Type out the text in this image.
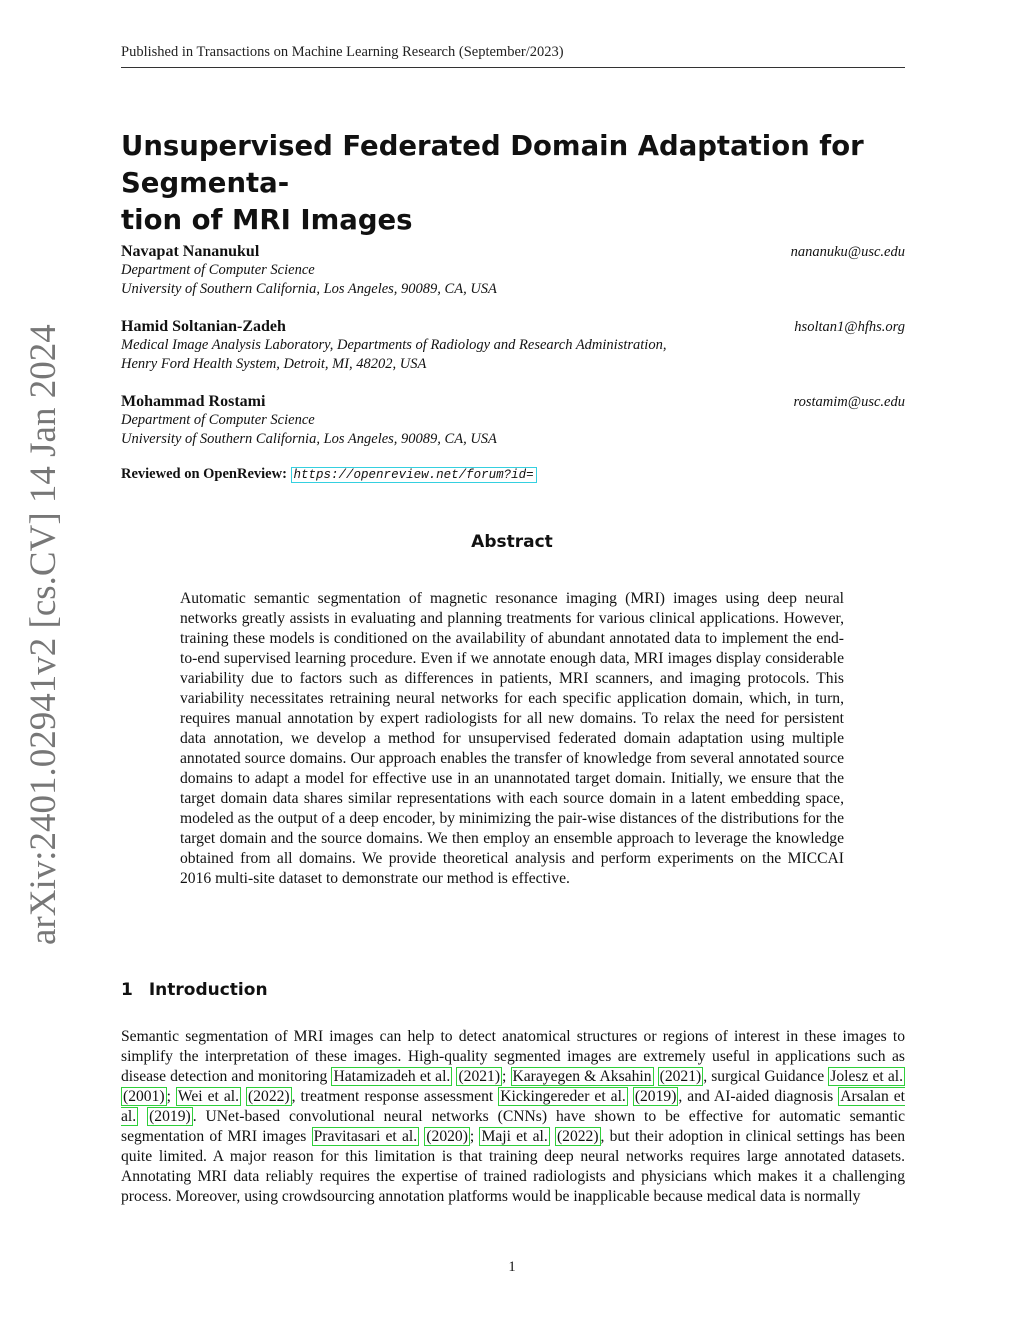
Published in Transactions on Machine Learning Research (September/2023)
arXiv:2401.02941v2 [cs.CV] 14 Jan 2024
Unsupervised Federated Domain Adaptation for Segmenta-
tion of MRI Images
Navapat Nananukul	nananuku@usc.edu
Department of Computer Science
University of Southern California, Los Angeles, 90089, CA, USA
Hamid Soltanian-Zadeh	hsoltan1@hfhs.org
Medical Image Analysis Laboratory, Departments of Radiology and Research Administration,
Henry Ford Health System, Detroit, MI, 48202, USA
Mohammad Rostami	rostamim@usc.edu
Department of Computer Science
University of Southern California, Los Angeles, 90089, CA, USA
Reviewed on OpenReview: https://openreview.net/forum?id=
Abstract
Automatic semantic segmentation of magnetic resonance imaging (MRI) images using deep neural networks greatly assists in evaluating and planning treatments for various clinical applications. However, training these models is conditioned on the availability of abundant annotated data to implement the end-to-end supervised learning procedure. Even if we annotate enough data, MRI images display considerable variability due to factors such as differences in patients, MRI scanners, and imaging protocols. This variability necessitates retraining neural networks for each specific application domain, which, in turn, requires manual annotation by expert radiologists for all new domains. To relax the need for persistent data annotation, we develop a method for unsupervised federated domain adaptation using multiple annotated source domains. Our approach enables the transfer of knowledge from several annotated source domains to adapt a model for effective use in an unannotated target domain. Initially, we ensure that the target domain data shares similar representations with each source domain in a latent embedding space, modeled as the output of a deep encoder, by minimizing the pair-wise distances of the distributions for the target domain and the source domains. We then employ an ensemble approach to leverage the knowledge obtained from all domains. We provide theoretical analysis and perform experiments on the MICCAI 2016 multi-site dataset to demonstrate our method is effective.
1 Introduction
Semantic segmentation of MRI images can help to detect anatomical structures or regions of interest in these images to simplify the interpretation of these images. High-quality segmented images are extremely useful in applications such as disease detection and monitoring Hatamizadeh et al. (2021) ; Karayegen & Aksahin (2021) , surgical Guidance Jolesz et al. (2001) ; Wei et al. (2022) , treatment response assessment Kickingereder et al. (2019) , and AI-aided diagnosis Arsalan et al. (2019) . UNet-based convolutional neural networks (CNNs) have shown to be effective for automatic semantic segmentation of MRI images Pravitasari et al. (2020) ; Maji et al. (2022) , but their adoption in clinical settings has been quite limited. A major reason for this limitation is that training deep neural networks requires large annotated datasets. Annotating MRI data reliably requires the expertise of trained radiologists and physicians which makes it a challenging process. Moreover, using crowdsourcing annotation platforms would be inapplicable because medical data is normally
1
